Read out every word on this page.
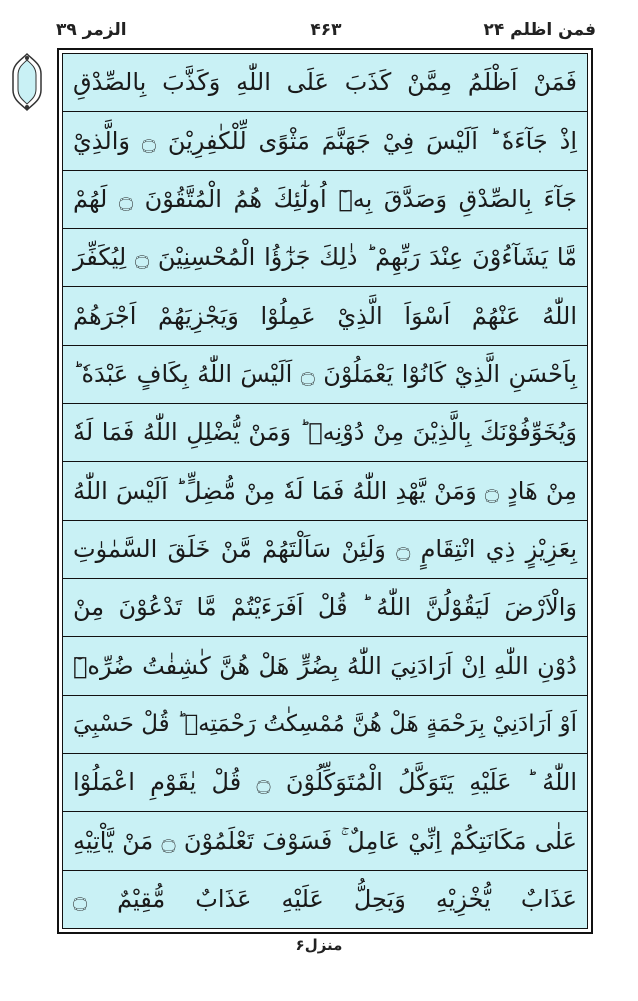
فمن اظلم ۲۴
۴۶۳
الزمر ۳۹
فَمَنْ اَظْلَمُ مِمَّنْ كَذَبَ عَلَى اللّٰهِ وَكَذَّبَ بِالصِّدْقِ
اِذْ جَآءَهٗ ؕ اَلَيْسَ فِيْ جَهَنَّمَ مَثْوًى لِّلْكٰفِرِيْنَ ۝ وَالَّذِيْ
جَآءَ بِالصِّدْقِ وَصَدَّقَ بِهٖٓ اُولٰٓئِكَ هُمُ الْمُتَّقُوْنَ ۝ لَهُمْ
مَّا يَشَآءُوْنَ عِنْدَ رَبِّهِمْ ؕ ذٰلِكَ جَزٰٓؤُا الْمُحْسِنِيْنَ ۝ لِيُكَفِّرَ
اللّٰهُ عَنْهُمْ اَسْوَاَ الَّذِيْ عَمِلُوْا وَيَجْزِيَهُمْ اَجْرَهُمْ
بِاَحْسَنِ الَّذِيْ كَانُوْا يَعْمَلُوْنَ ۝ اَلَيْسَ اللّٰهُ بِكَافٍ عَبْدَهٗ ؕ
وَيُخَوِّفُوْنَكَ بِالَّذِيْنَ مِنْ دُوْنِهٖ ؕ وَمَنْ يُّضْلِلِ اللّٰهُ فَمَا لَهٗ
مِنْ هَادٍ ۝ وَمَنْ يَّهْدِ اللّٰهُ فَمَا لَهٗ مِنْ مُّضِلٍّ ؕ اَلَيْسَ اللّٰهُ
بِعَزِيْزٍ ذِي انْتِقَامٍ ۝ وَلَئِنْ سَاَلْتَهُمْ مَّنْ خَلَقَ السَّمٰوٰتِ
وَالْاَرْضَ لَيَقُوْلُنَّ اللّٰهُ ؕ قُلْ اَفَرَءَيْتُمْ مَّا تَدْعُوْنَ مِنْ
دُوْنِ اللّٰهِ اِنْ اَرَادَنِيَ اللّٰهُ بِضُرٍّ هَلْ هُنَّ كٰشِفٰتُ ضُرِّهٖٓ
اَوْ اَرَادَنِيْ بِرَحْمَةٍ هَلْ هُنَّ مُمْسِكٰتُ رَحْمَتِهٖ ؕ قُلْ حَسْبِيَ
اللّٰهُ ؕ عَلَيْهِ يَتَوَكَّلُ الْمُتَوَكِّلُوْنَ ۝ قُلْ يٰقَوْمِ اعْمَلُوْا
عَلٰى مَكَانَتِكُمْ اِنِّيْ عَامِلٌ ۚ فَسَوْفَ تَعْلَمُوْنَ ۝ مَنْ يَّاْتِيْهِ
عَذَابٌ يُّخْزِيْهِ وَيَحِلُّ عَلَيْهِ عَذَابٌ مُّقِيْمٌ ۝
منزل۶
